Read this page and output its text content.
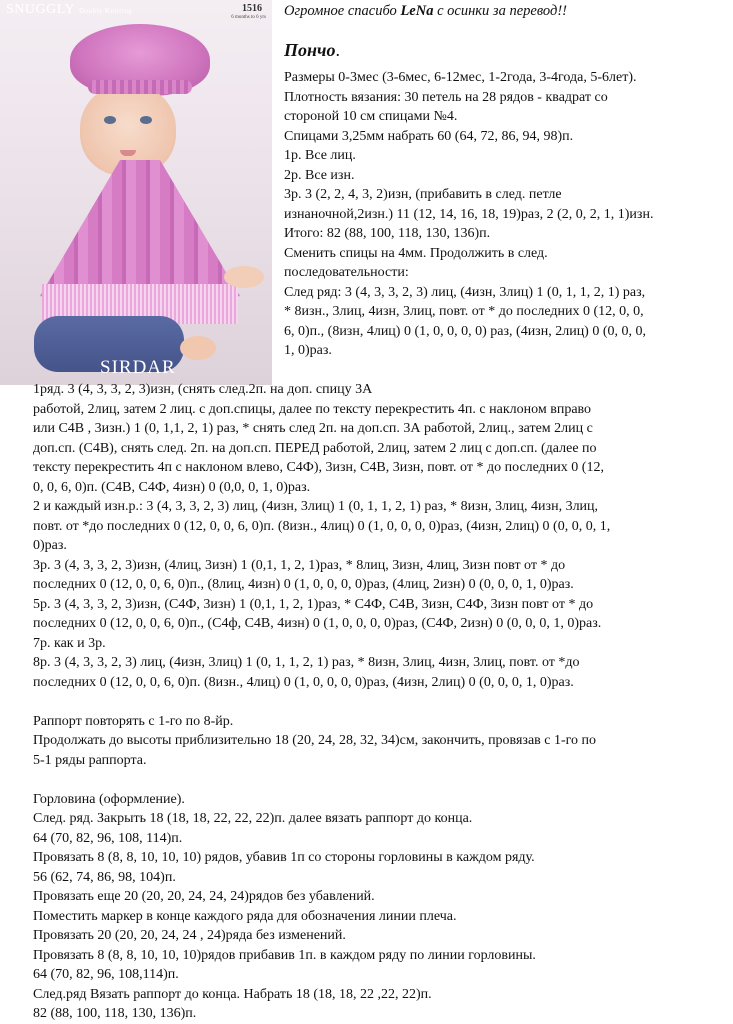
SNUGGLY Double Knitting	1516
6 months to 6 yrs
SIRDAR

Огромное спасибо LeNa с осинки за перевод!!

Пончо.

Размеры 0-3мес (3-6мес, 6-12мес, 1-2года, 3-4года, 5-6лет).
Плотность вязания: 30 петель на 28 рядов - квадрат со
стороной 10 см спицами №4.
Спицами 3,25мм набрать 60 (64, 72, 86, 94, 98)п.
1р. Все лиц.
2р. Все изн.
3р. 3 (2, 2, 4, 3, 2)изн, (прибавить в след. петле
изнаночной,2изн.) 11 (12, 14, 16, 18, 19)раз, 2 (2, 0, 2, 1, 1)изн.
Итого: 82 (88, 100, 118, 130, 136)п.
Сменить спицы на 4мм. Продолжить в след.
последовательности:
След ряд: 3 (4, 3, 3, 2, 3) лиц, (4изн, 3лиц) 1 (0, 1, 1, 2, 1) раз,
* 8изн., 3лиц, 4изн, 3лиц, повт. от * до последних 0 (12, 0, 0,
6, 0)п., (8изн, 4лиц) 0 (1, 0, 0, 0, 0) раз, (4изн, 2лиц) 0 (0, 0, 0,
1, 0)раз.
1ряд. 3 (4, 3, 3, 2, 3)изн, (снять след.2п. на доп. спицу 3А
работой, 2лиц, затем 2 лиц. с доп.спицы, далее по тексту перекрестить 4п. с наклоном вправо
или С4В , 3изн.) 1 (0, 1,1, 2, 1) раз, * снять след 2п. на доп.сп. 3А работой, 2лиц., затем 2лиц с
доп.сп. (С4В), снять след. 2п. на доп.сп. ПЕРЕД работой, 2лиц, затем 2 лиц с доп.сп. (далее по
тексту перекрестить 4п с наклоном влево, С4Ф), 3изн, С4В, 3изн, повт. от * до последних 0 (12,
0, 0, 6, 0)п. (С4В, С4Ф, 4изн) 0 (0,0, 0, 1, 0)раз.
2 и каждый изн.р.: 3 (4, 3, 3, 2, 3) лиц, (4изн, 3лиц) 1 (0, 1, 1, 2, 1) раз, * 8изн, 3лиц, 4изн, 3лиц,
повт. от *до последних 0 (12, 0, 0, 6, 0)п. (8изн., 4лиц) 0 (1, 0, 0, 0, 0)раз, (4изн, 2лиц) 0 (0, 0, 0, 1,
0)раз.
3р. 3 (4, 3, 3, 2, 3)изн, (4лиц, 3изн) 1 (0,1, 1, 2, 1)раз, * 8лиц, 3изн, 4лиц, 3изн повт от * до
последних 0 (12, 0, 0, 6, 0)п., (8лиц, 4изн) 0 (1, 0, 0, 0, 0)раз, (4лиц, 2изн) 0 (0, 0, 0, 1, 0)раз.
5р. 3 (4, 3, 3, 2, 3)изн, (С4Ф, 3изн) 1 (0,1, 1, 2, 1)раз, * С4Ф, С4В, 3изн, С4Ф, 3изн повт от * до
последних 0 (12, 0, 0, 6, 0)п., (С4ф, С4В, 4изн) 0 (1, 0, 0, 0, 0)раз, (С4Ф, 2изн) 0 (0, 0, 0, 1, 0)раз.
7р. как и 3р.
8р. 3 (4, 3, 3, 2, 3) лиц, (4изн, 3лиц) 1 (0, 1, 1, 2, 1) раз, * 8изн, 3лиц, 4изн, 3лиц, повт. от *до
последних 0 (12, 0, 0, 6, 0)п. (8изн., 4лиц) 0 (1, 0, 0, 0, 0)раз, (4изн, 2лиц) 0 (0, 0, 0, 1, 0)раз.
Раппорт повторять с 1-го по 8-йр.
Продолжать до высоты приблизительно 18 (20, 24, 28, 32, 34)см, закончить, провязав с 1-го по
5-1 ряды раппорта.
Горловина (оформление).
След. ряд. Закрыть 18 (18, 18, 22, 22, 22)п. далее вязать раппорт до конца.
64 (70, 82, 96, 108, 114)п.
Провязать 8 (8, 8, 10, 10, 10) рядов, убавив 1п со стороны горловины в каждом ряду.
56 (62, 74, 86, 98, 104)п.
Провязать еще 20 (20, 20, 24, 24, 24)рядов без убавлений.
Поместить маркер в конце каждого ряда для обозначения линии плеча.
Провязать 20 (20, 20, 24, 24 , 24)ряда без изменений.
Провязать 8 (8, 8, 10, 10, 10)рядов прибавив 1п. в каждом ряду по линии горловины.
64 (70, 82, 96, 108,114)п.
След.ряд Вязать раппорт до конца. Набрать 18 (18, 18, 22 ,22, 22)п.
82 (88, 100, 118, 130, 136)п.
